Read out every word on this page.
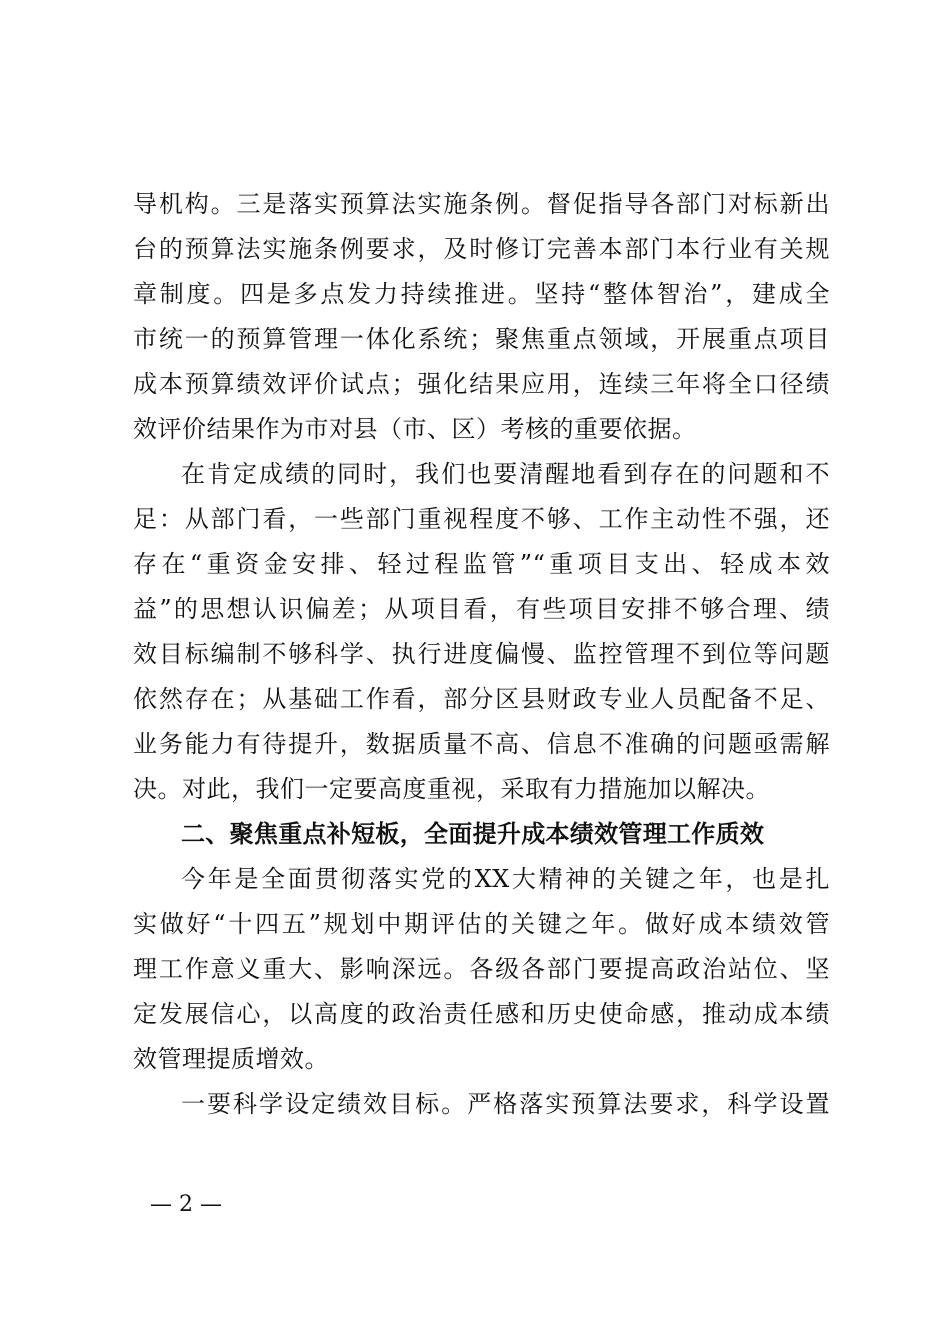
导机构。三是落实预算法实施条例。督促指导各部门对标新出
台的预算法实施条例要求，及时修订完善本部门本行业有关规
章制度。四是多点发力持续推进。坚持“整体智治”，建成全
市统一的预算管理一体化系统；聚焦重点领域，开展重点项目
成本预算绩效评价试点；强化结果应用，连续三年将全口径绩
效评价结果作为市对县（市、区）考核的重要依据。
在肯定成绩的同时，我们也要清醒地看到存在的问题和不
足：从部门看，一些部门重视程度不够、工作主动性不强，还
存在“重资金安排、轻过程监管”“重项目支出、轻成本效
益”的思想认识偏差；从项目看，有些项目安排不够合理、绩
效目标编制不够科学、执行进度偏慢、监控管理不到位等问题
依然存在；从基础工作看，部分区县财政专业人员配备不足、
业务能力有待提升，数据质量不高、信息不准确的问题亟需解
决。对此，我们一定要高度重视，采取有力措施加以解决。
二、聚焦重点补短板，全面提升成本绩效管理工作质效
今年是全面贯彻落实党的XX大精神的关键之年，也是扎
实做好“十四五”规划中期评估的关键之年。做好成本绩效管
理工作意义重大、影响深远。各级各部门要提高政治站位、坚
定发展信心，以高度的政治责任感和历史使命感，推动成本绩
效管理提质增效。
一要科学设定绩效目标。严格落实预算法要求，科学设置
— 2 —
